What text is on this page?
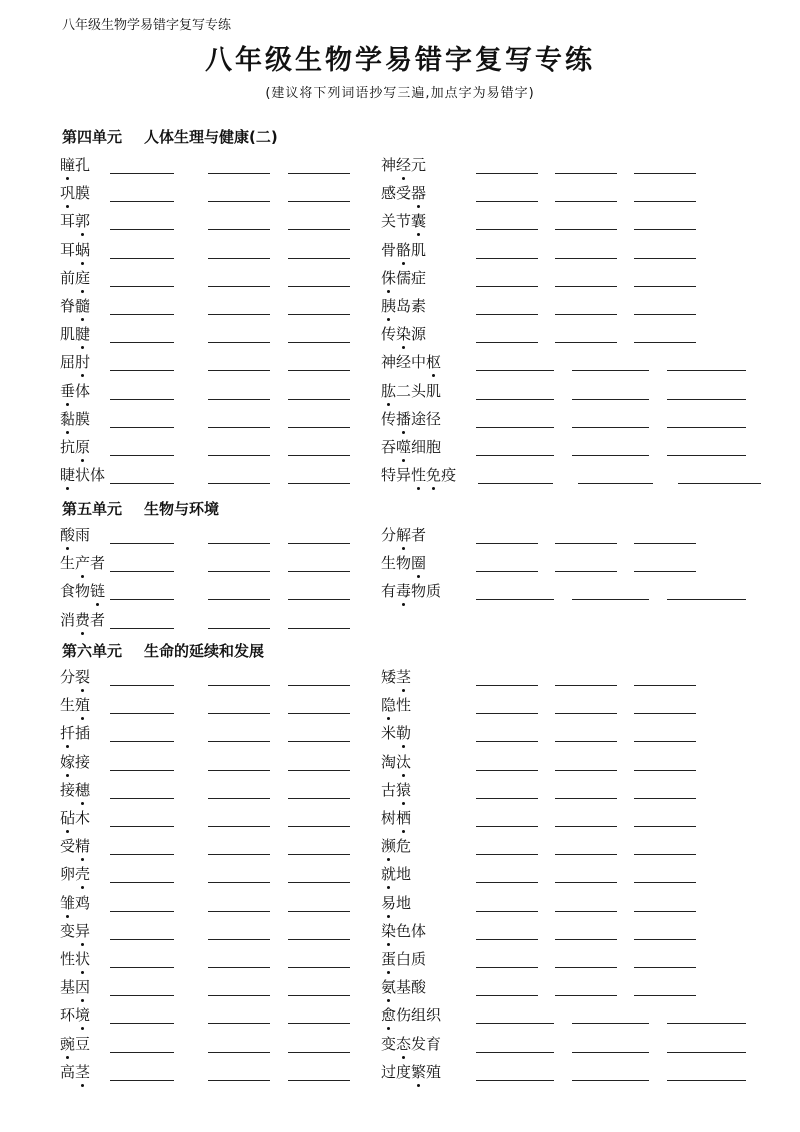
八年级生物学易错字复写专练
八年级生物学易错字复写专练
(建议将下列词语抄写三遍,加点字为易错字)
第四单元 人体生理与健康(二)
第五单元 生物与环境
第六单元 生命的延续和发展
瞳孔
巩膜
耳郭
耳蜗
前庭
脊髓
肌腱
屈肘
垂体
黏膜
抗原
睫状体
神经元
感受器
关节囊
骨骼肌
侏儒症
胰岛素
传染源
神经中枢
肱二头肌
传播途径
吞噬细胞
特异性免疫
酸雨
生产者
食物链
消费者
分解者
生物圈
有毒物质
分裂
生殖
扦插
嫁接
接穗
砧木
受精
卵壳
雏鸡
变异
性状
基因
环境
豌豆
高茎
矮茎
隐性
米勒
淘汰
古猿
树栖
濒危
就地
易地
染色体
蛋白质
氨基酸
愈伤组织
变态发育
过度繁殖
